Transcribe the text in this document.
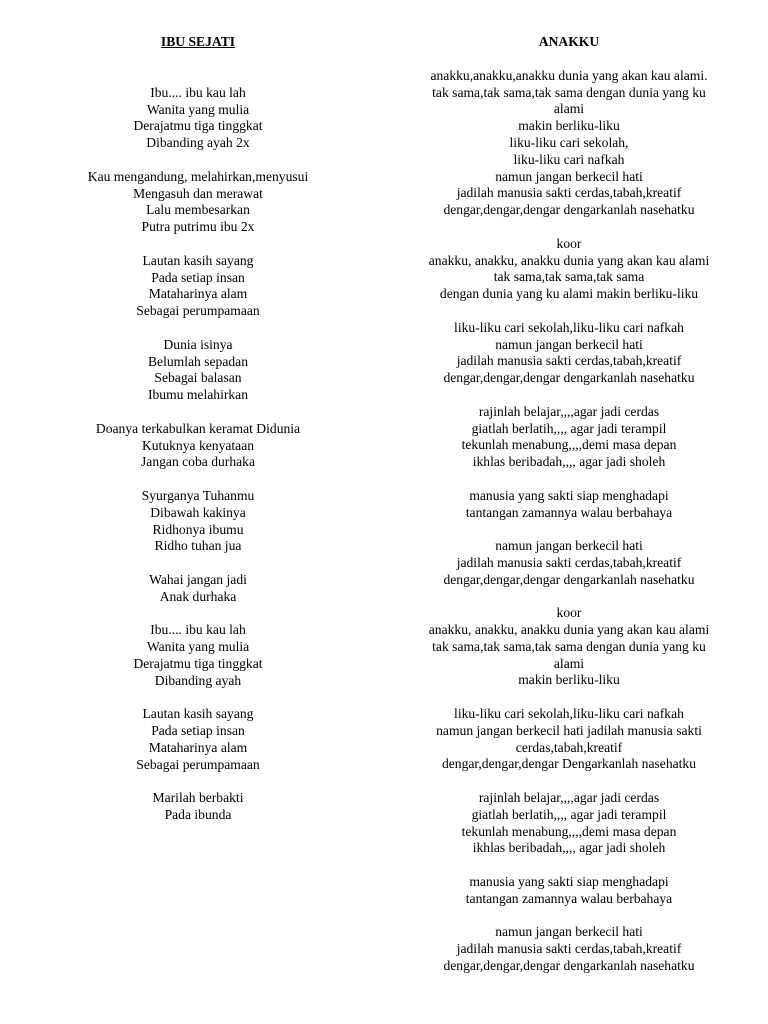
IBU SEJATI
Ibu.... ibu kau lah
Wanita yang mulia
Derajatmu tiga tinggkat
Dibanding ayah 2x
Kau mengandung, melahirkan,menyusui
Mengasuh dan merawat
Lalu membesarkan
Putra putrimu ibu 2x
Lautan kasih sayang
Pada setiap insan
Mataharinya alam
Sebagai perumpamaan
Dunia isinya
Belumlah sepadan
Sebagai balasan
Ibumu melahirkan
Doanya terkabulkan keramat Didunia
Kutuknya kenyataan
Jangan coba durhaka
Syurganya Tuhanmu
Dibawah kakinya
Ridhonya ibumu
Ridho tuhan jua
Wahai jangan jadi
Anak durhaka
Ibu.... ibu kau lah
Wanita yang mulia
Derajatmu tiga tinggkat
Dibanding ayah
Lautan kasih sayang
Pada setiap insan
Mataharinya alam
Sebagai perumpamaan
Marilah berbakti
Pada ibunda
ANAKKU
anakku,anakku,anakku dunia yang akan kau alami.
tak sama,tak sama,tak sama dengan dunia yang ku
alami
makin berliku-liku
liku-liku cari sekolah,
liku-liku cari nafkah
namun jangan berkecil hati
jadilah manusia sakti cerdas,tabah,kreatif
dengar,dengar,dengar dengarkanlah nasehatku
koor
anakku, anakku, anakku dunia yang akan kau alami
tak sama,tak sama,tak sama
dengan dunia yang ku alami makin berliku-liku
liku-liku cari sekolah,liku-liku cari nafkah
namun jangan berkecil hati
jadilah manusia sakti cerdas,tabah,kreatif
dengar,dengar,dengar dengarkanlah nasehatku
rajinlah belajar,,,,agar jadi cerdas
giatlah berlatih,,,, agar jadi terampil
tekunlah menabung,,,,demi masa depan
ikhlas beribadah,,,, agar jadi sholeh
manusia yang sakti siap menghadapi
tantangan zamannya walau berbahaya
namun jangan berkecil hati
jadilah manusia sakti cerdas,tabah,kreatif
dengar,dengar,dengar dengarkanlah nasehatku
koor
anakku, anakku, anakku dunia yang akan kau alami
tak sama,tak sama,tak sama dengan dunia yang ku
alami
makin berliku-liku
liku-liku cari sekolah,liku-liku cari nafkah
namun jangan berkecil hati jadilah manusia sakti
cerdas,tabah,kreatif
dengar,dengar,dengar Dengarkanlah nasehatku
rajinlah belajar,,,,agar jadi cerdas
giatlah berlatih,,,, agar jadi terampil
tekunlah menabung,,,,demi masa depan
ikhlas beribadah,,,, agar jadi sholeh
manusia yang sakti siap menghadapi
tantangan zamannya walau berbahaya
namun jangan berkecil hati
jadilah manusia sakti cerdas,tabah,kreatif
dengar,dengar,dengar dengarkanlah nasehatku
